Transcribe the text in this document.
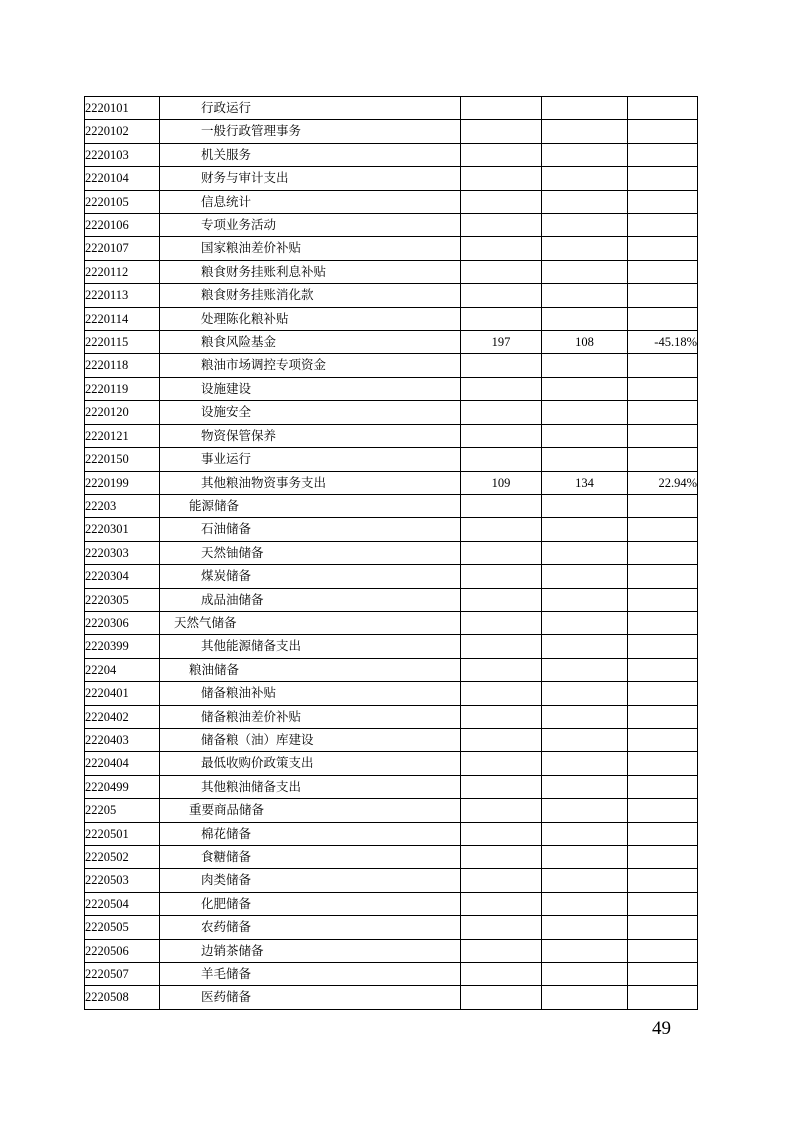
2220101	行政运行			
2220102	一般行政管理事务			
2220103	机关服务			
2220104	财务与审计支出			
2220105	信息统计			
2220106	专项业务活动			
2220107	国家粮油差价补贴			
2220112	粮食财务挂账利息补贴			
2220113	粮食财务挂账消化款			
2220114	处理陈化粮补贴			
2220115	粮食风险基金	197	108	-45.18%
2220118	粮油市场调控专项资金			
2220119	设施建设			
2220120	设施安全			
2220121	物资保管保养			
2220150	事业运行			
2220199	其他粮油物资事务支出	109	134	22.94%
22203	能源储备			
2220301	石油储备			
2220303	天然铀储备			
2220304	煤炭储备			
2220305	成品油储备			
2220306	天然气储备			
2220399	其他能源储备支出			
22204	粮油储备			
2220401	储备粮油补贴			
2220402	储备粮油差价补贴			
2220403	储备粮（油）库建设			
2220404	最低收购价政策支出			
2220499	其他粮油储备支出			
22205	重要商品储备			
2220501	棉花储备			
2220502	食糖储备			
2220503	肉类储备			
2220504	化肥储备			
2220505	农药储备			
2220506	边销茶储备			
2220507	羊毛储备			
2220508	医药储备			
49
